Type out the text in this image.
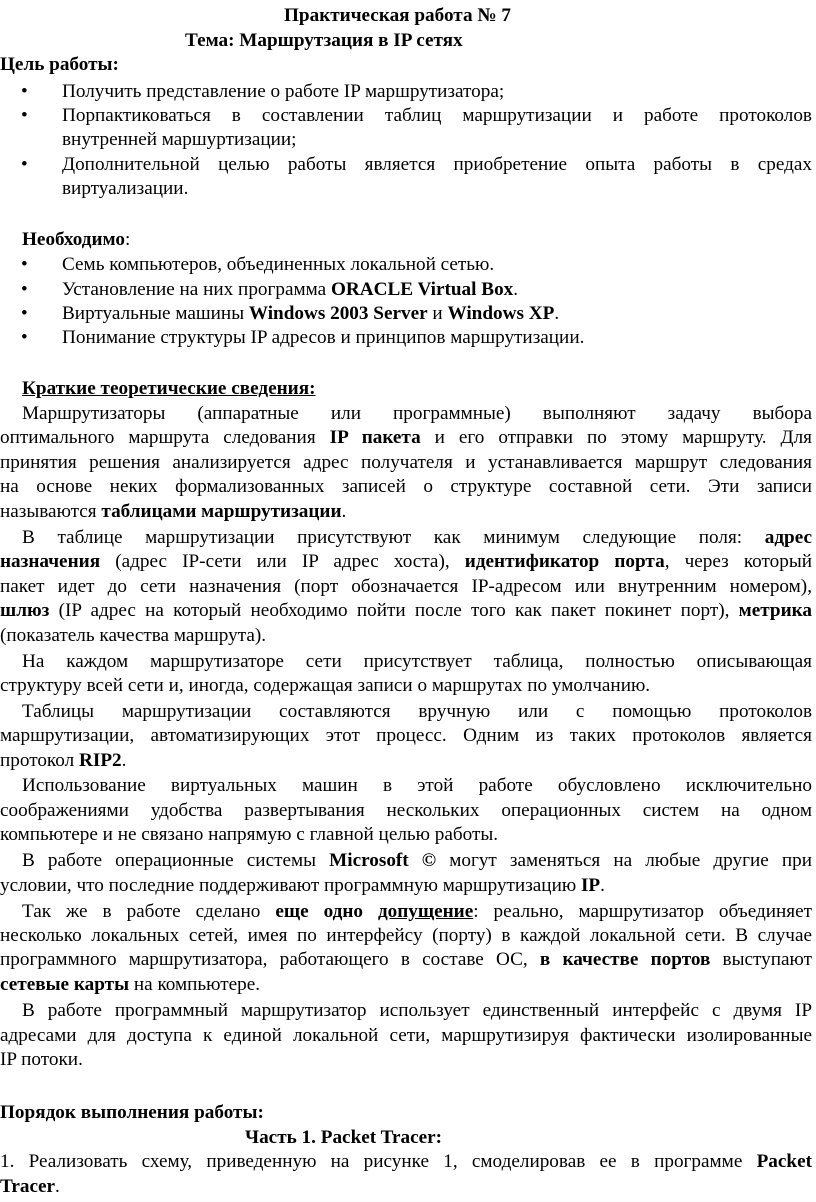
Практическая работа № 7
Тема: Маршрутзация в IP сетях
Цель работы:
• Получить представление о работе IP маршрутизатора;
• Порпактиковаться в составлении таблиц маршрутизации и работе протоколов
внутренней маршуртизации;
• Дополнительной целью работы является приобретение опыта работы в средах
виртуализации.
Необходимо:
• Семь компьютеров, объединенных локальной сетью.
• Установление на них программа ORACLE Virtual Box.
• Виртуальные машины Windows 2003 Server и Windows XP.
• Понимание структуры IP адресов и принципов маршрутизации.
Краткие теоретические сведения:
Маршрутизаторы (аппаратные или программные) выполняют задачу выбора
оптимального маршрута следования IP пакета и его отправки по этому маршруту. Для
принятия решения анализируется адрес получателя и устанавливается маршрут следования
на основе неких формализованных записей о структуре составной сети. Эти записи
называются таблицами маршрутизации.
В таблице маршрутизации присутствуют как минимум следующие поля: адрес
назначения (адрес IP-сети или IP адрес хоста), идентификатор порта, через который
пакет идет до сети назначения (порт обозначается IP-адресом или внутренним номером),
шлюз (IP адрес на который необходимо пойти после того как пакет покинет порт), метрика
(показатель качества маршрута).
На каждом маршрутизаторе сети присутствует таблица, полностью описывающая
структуру всей сети и, иногда, содержащая записи о маршрутах по умолчанию.
Таблицы маршрутизации составляются вручную или с помощью протоколов
маршрутизации, автоматизирующих этот процесс. Одним из таких протоколов является
протокол RIP2.
Использование виртуальных машин в этой работе обусловлено исключительно
соображениями удобства развертывания нескольких операционных систем на одном
компьютере и не связано напрямую с главной целью работы.
В работе операционные системы Microsoft © могут заменяться на любые другие при
условии, что последние поддерживают программную маршрутизацию IP.
Так же в работе сделано еще одно допущение: реально, маршрутизатор объединяет
несколько локальных сетей, имея по интерфейсу (порту) в каждой локальной сети. В случае
программного маршрутизатора, работающего в составе ОС, в качестве портов выступают
сетевые карты на компьютере.
В работе программный маршрутизатор использует единственный интерфейс с двумя IP
адресами для доступа к единой локальной сети, маршрутизируя фактически изолированные
IP потоки.
Порядок выполнения работы:
Часть 1. Packet Tracer:
1. Реализовать схему, приведенную на рисунке 1, смоделировав ее в программе Packet
Tracer.
